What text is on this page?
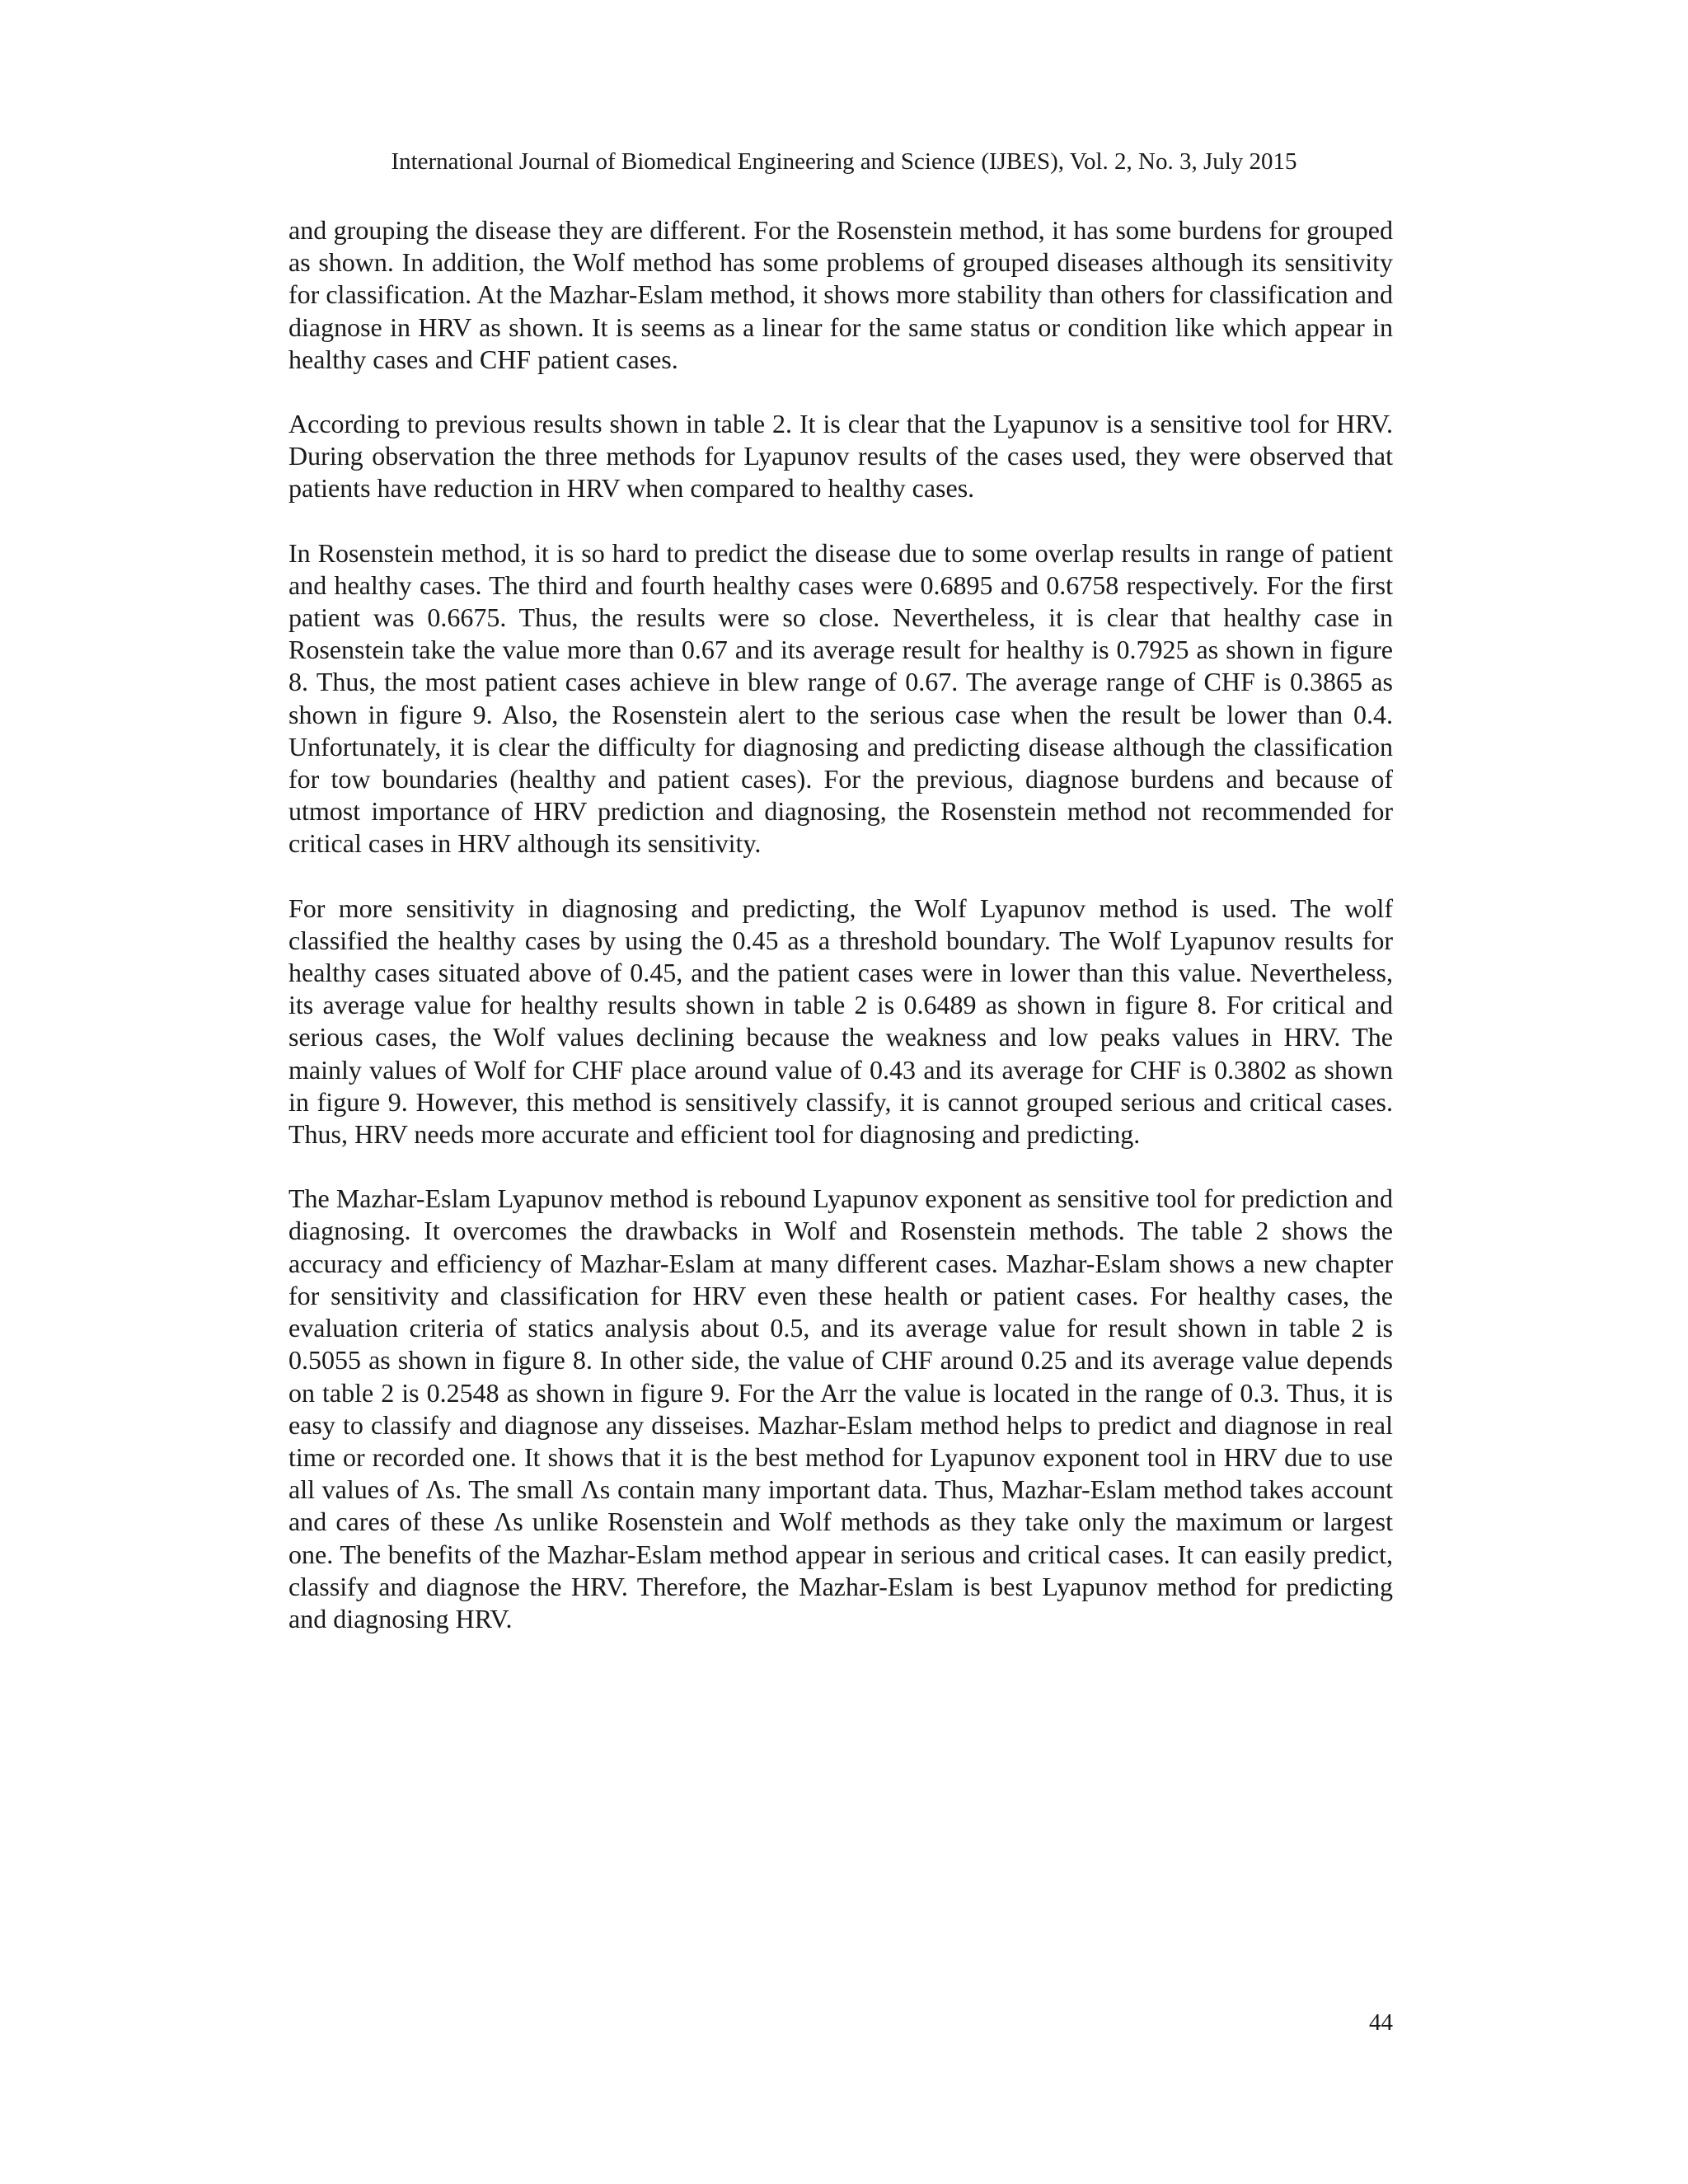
International Journal of Biomedical Engineering and Science (IJBES), Vol. 2, No. 3, July 2015

and grouping the disease they are different. For the Rosenstein method, it has some burdens for grouped as shown. In addition, the Wolf method has some problems of grouped diseases although its sensitivity for classification. At the Mazhar-Eslam method, it shows more stability than others for classification and diagnose in HRV as shown. It is seems as a linear for the same status or condition like which appear in healthy cases and CHF patient cases.

According to previous results shown in table 2. It is clear that the Lyapunov is a sensitive tool for HRV. During observation the three methods for Lyapunov results of the cases used, they were observed that patients have reduction in HRV when compared to healthy cases.

In Rosenstein method, it is so hard to predict the disease due to some overlap results in range of patient and healthy cases. The third and fourth healthy cases were 0.6895 and 0.6758 respectively. For the first patient was 0.6675. Thus, the results were so close. Nevertheless, it is clear that healthy case in Rosenstein take the value more than 0.67 and its average result for healthy is 0.7925 as shown in figure 8. Thus, the most patient cases achieve in blew range of 0.67. The average range of CHF is 0.3865 as shown in figure 9. Also, the Rosenstein alert to the serious case when the result be lower than 0.4. Unfortunately, it is clear the difficulty for diagnosing and predicting disease although the classification for tow boundaries (healthy and patient cases). For the previous, diagnose burdens and because of utmost importance of HRV prediction and diagnosing, the Rosenstein method not recommended for critical cases in HRV although its sensitivity.

For more sensitivity in diagnosing and predicting, the Wolf Lyapunov method is used. The wolf classified the healthy cases by using the 0.45 as a threshold boundary. The Wolf Lyapunov results for healthy cases situated above of 0.45, and the patient cases were in lower than this value. Nevertheless, its average value for healthy results shown in table 2 is 0.6489 as shown in figure 8. For critical and serious cases, the Wolf values declining because the weakness and low peaks values in HRV. The mainly values of Wolf for CHF place around value of 0.43 and its average for CHF is 0.3802 as shown in figure 9. However, this method is sensitively classify, it is cannot grouped serious and critical cases. Thus, HRV needs more accurate and efficient tool for diagnosing and predicting.

The Mazhar-Eslam Lyapunov method is rebound Lyapunov exponent as sensitive tool for prediction and diagnosing. It overcomes the drawbacks in Wolf and Rosenstein methods. The table 2 shows the accuracy and efficiency of Mazhar-Eslam at many different cases. Mazhar-Eslam shows a new chapter for sensitivity and classification for HRV even these health or patient cases. For healthy cases, the evaluation criteria of statics analysis about 0.5, and its average value for result shown in table 2 is 0.5055 as shown in figure 8. In other side, the value of CHF around 0.25 and its average value depends on table 2 is 0.2548 as shown in figure 9. For the Arr the value is located in the range of 0.3. Thus, it is easy to classify and diagnose any disseises. Mazhar-Eslam method helps to predict and diagnose in real time or recorded one. It shows that it is the best method for Lyapunov exponent tool in HRV due to use all values of Λs. The small Λs contain many important data. Thus, Mazhar-Eslam method takes account and cares of these Λs unlike Rosenstein and Wolf methods as they take only the maximum or largest one. The benefits of the Mazhar-Eslam method appear in serious and critical cases. It can easily predict, classify and diagnose the HRV. Therefore, the Mazhar-Eslam is best Lyapunov method for predicting and diagnosing HRV.

44
